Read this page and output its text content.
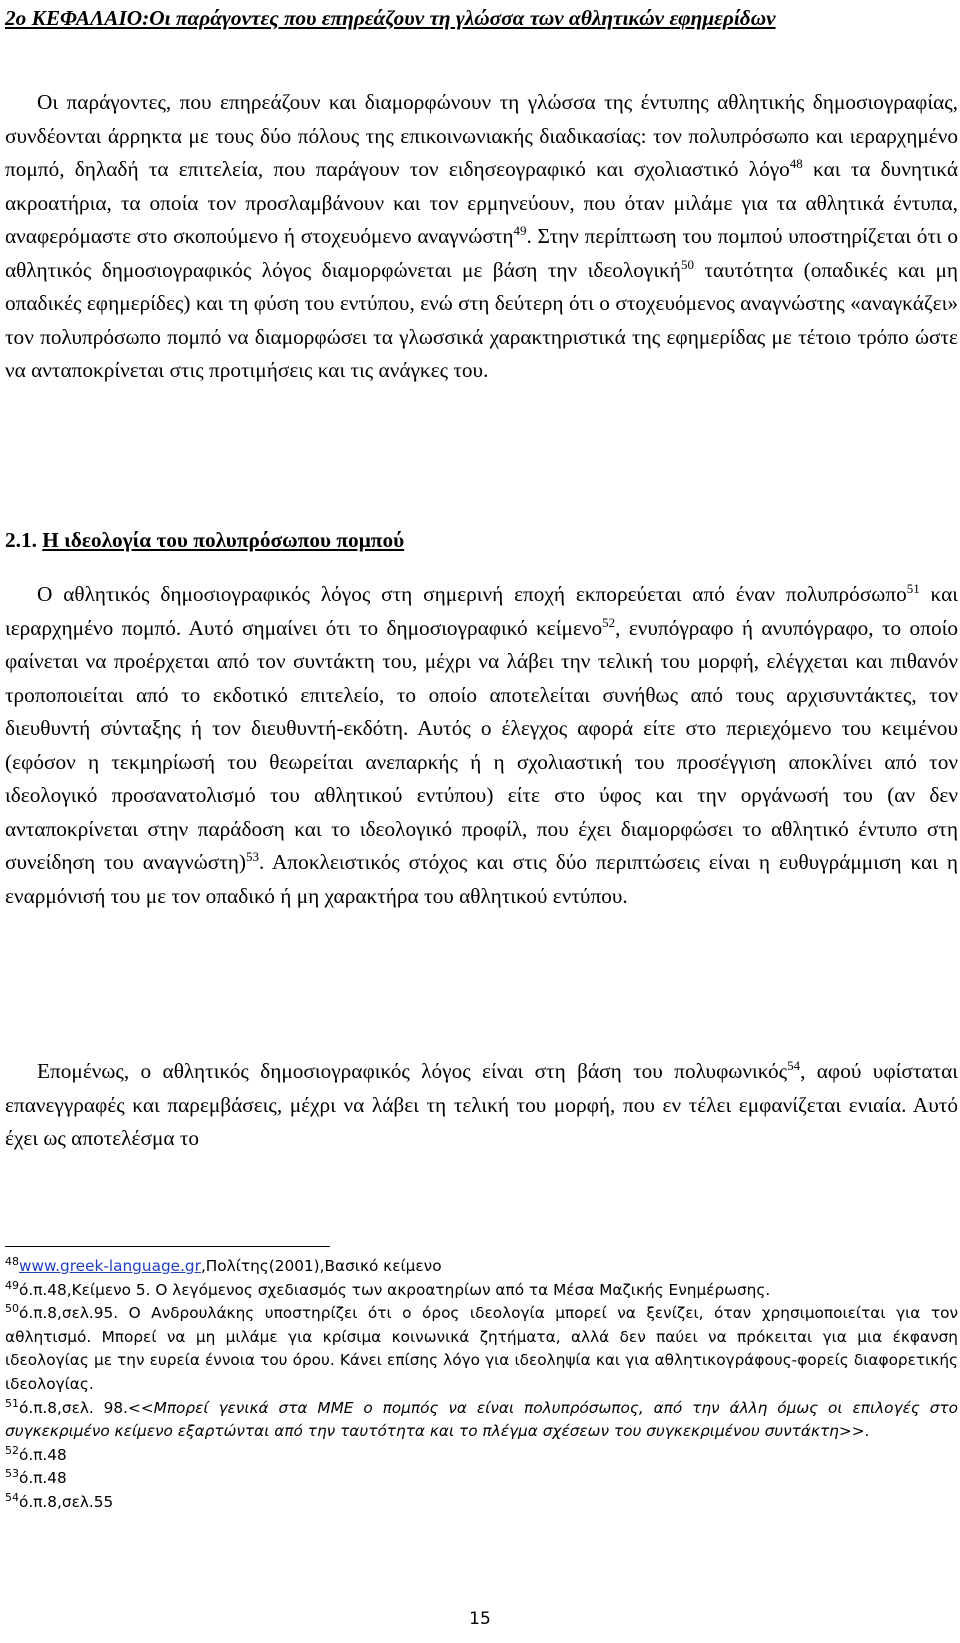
2ο ΚΕΦΑΛΑΙΟ:Οι παράγοντες που επηρεάζουν τη γλώσσα των αθλητικών εφημερίδων

Οι παράγοντες, που επηρεάζουν και διαμορφώνουν τη γλώσσα της έντυπης αθλητικής δημοσιογραφίας, συνδέονται άρρηκτα με τους δύο πόλους της επικοινωνιακής διαδικασίας: τον πολυπρόσωπο και ιεραρχημένο πομπό, δηλαδή τα επιτελεία, που παράγουν τον ειδησεογραφικό και σχολιαστικό λόγο$^{48}$ και τα δυνητικά ακροατήρια, τα οποία τον προσλαμβάνουν και τον ερμηνεύουν, που όταν μιλάμε για τα αθλητικά έντυπα, αναφερόμαστε στο σκοπούμενο ή στοχευόμενο αναγνώστη$^{49}$. Στην περίπτωση του πομπού υποστηρίζεται ότι ο αθλητικός δημοσιογραφικός λόγος διαμορφώνεται με βάση την ιδεολογική$^{50}$ ταυτότητα (οπαδικές και μη οπαδικές εφημερίδες) και τη φύση του εντύπου, ενώ στη δεύτερη ότι ο στοχευόμενος αναγνώστης «αναγκάζει» τον πολυπρόσωπο πομπό να διαμορφώσει τα γλωσσικά χαρακτηριστικά της εφημερίδας με τέτοιο τρόπο ώστε να ανταποκρίνεται στις προτιμήσεις και τις ανάγκες του.

2.1. Η ιδεολογία του πολυπρόσωπου πομπού

Ο αθλητικός δημοσιογραφικός λόγος στη σημερινή εποχή εκπορεύεται από έναν πολυπρόσωπο$^{51}$ και ιεραρχημένο πομπό. Αυτό σημαίνει ότι το δημοσιογραφικό κείμενο$^{52}$, ενυπόγραφο ή ανυπόγραφο, το οποίο φαίνεται να προέρχεται από τον συντάκτη του, μέχρι να λάβει την τελική του μορφή, ελέγχεται και πιθανόν τροποποιείται από το εκδοτικό επιτελείο, το οποίο αποτελείται συνήθως από τους αρχισυντάκτες, τον διευθυντή σύνταξης ή τον διευθυντή-εκδότη. Αυτός ο έλεγχος αφορά είτε στο περιεχόμενο του κειμένου (εφόσον η τεκμηρίωσή του θεωρείται ανεπαρκής ή η σχολιαστική του προσέγγιση αποκλίνει από τον ιδεολογικό προσανατολισμό του αθλητικού εντύπου) είτε στο ύφος και την οργάνωσή του (αν δεν ανταποκρίνεται στην παράδοση και το ιδεολογικό προφίλ, που έχει διαμορφώσει το αθλητικό έντυπο στη συνείδηση του αναγνώστη)$^{53}$. Αποκλειστικός στόχος και στις δύο περιπτώσεις είναι η ευθυγράμμιση και η εναρμόνισή του με τον οπαδικό ή μη χαρακτήρα του αθλητικού εντύπου.

Επομένως, ο αθλητικός δημοσιογραφικός λόγος είναι στη βάση του πολυφωνικός$^{54}$, αφού υφίσταται επανεγγραφές και παρεμβάσεις, μέχρι να λάβει τη τελική του μορφή, που εν τέλει εμφανίζεται ενιαία. Αυτό έχει ως αποτελέσμα το

$^{48}$www.greek-language.gr,Πολίτης(2001),Βασικό κείμενο

$^{49}$ό.π.48,Κείμενο 5. Ο λεγόμενος σχεδιασμός των ακροατηρίων από τα Μέσα Μαζικής Ενημέρωσης.

$^{50}$ό.π.8,σελ.95. Ο Ανδρουλάκης υποστηρίζει ότι ο όρος ιδεολογία μπορεί να ξενίζει, όταν χρησιμοποιείται για τον αθλητισμό. Μπορεί να μη μιλάμε για κρίσιμα κοινωνικά ζητήματα, αλλά δεν παύει να πρόκειται για μια έκφανση ιδεολογίας με την ευρεία έννοια του όρου. Κάνει επίσης λόγο για ιδεοληψία και για αθλητικογράφους-φορείς διαφορετικής ιδεολογίας.

$^{51}$ό.π.8,σελ. 98.<<Μπορεί γενικά στα ΜΜΕ ο πομπός να είναι πολυπρόσωπος, από την άλλη όμως οι επιλογές στο συγκεκριμένο κείμενο εξαρτώνται από την ταυτότητα και το πλέγμα σχέσεων του συγκεκριμένου συντάκτη>>.

$^{52}$ό.π.48

$^{53}$ό.π.48

$^{54}$ό.π.8,σελ.55

15
